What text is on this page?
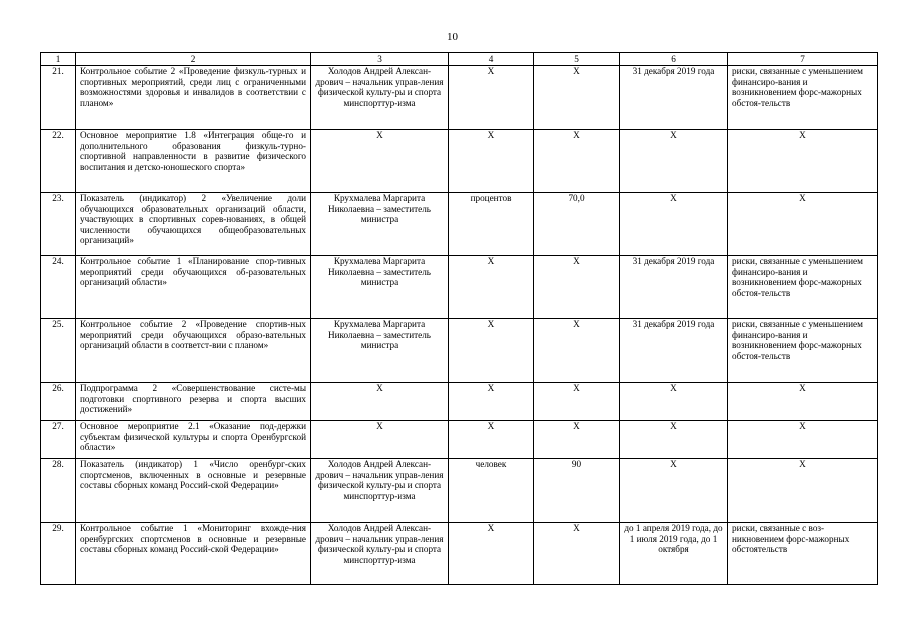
10
1	2	3	4	5	6	7
21.	Контрольное событие 2 «Проведение физкуль-турных и спортивных мероприятий, среди лиц с ограниченными возможностями здоровья и инвалидов в соответствии с планом»	Холодов Андрей Алексан-дрович – начальник управ-ления физической культу-ры и спорта минспорттур-изма	Х	Х	31 декабря 2019 года	риски, связанные с уменьшением финансиро-вания и возникновением форс-мажорных обстоя-тельств
22.	Основное мероприятие 1.8 «Интеграция обще-го и дополнительного образования физкуль-турно-спортивной направленности в развитие физического воспитания и детско-юношеского спорта»	Х	Х	Х	Х	Х
23.	Показатель (индикатор) 2 «Увеличение доли обучающихся образовательных организаций области, участвующих в спортивных сорев-нованиях, в общей численности обучающихся общеобразовательных организаций»	Крухмалева Маргарита Николаевна – заместитель министра	процентов	70,0	Х	Х
24.	Контрольное событие 1 «Планирование спор-тивных мероприятий среди обучающихся об-разовательных организаций области»	Крухмалева Маргарита Николаевна – заместитель министра	Х	Х	31 декабря 2019 года	риски, связанные с уменьшением финансиро-вания и возникновением форс-мажорных обстоя-тельств
25.	Контрольное событие 2 «Проведение спортив-ных мероприятий среди обучающихся образо-вательных организаций области в соответст-вии с планом»	Крухмалева Маргарита Николаевна – заместитель министра	Х	Х	31 декабря 2019 года	риски, связанные с уменьшением финансиро-вания и возникновением форс-мажорных обстоя-тельств
26.	Подпрограмма 2 «Совершенствование систе-мы подготовки спортивного резерва и спорта высших достижений»	Х	Х	Х	Х	Х
27.	Основное мероприятие 2.1 «Оказание под-держки субъектам физической культуры и спорта Оренбургской области»	Х	Х	Х	Х	Х
28.	Показатель (индикатор) 1 «Число оренбург-ских спортсменов, включенных в основные и резервные составы сборных команд Россий-ской Федерации»	Холодов Андрей Алексан-дрович – начальник управ-ления физической культу-ры и спорта минспорттур-изма	человек	90	Х	Х
29.	Контрольное событие 1 «Мониторинг вхожде-ния оренбургских спортсменов в основные и резервные составы сборных команд Россий-ской Федерации»	Холодов Андрей Алексан-дрович – начальник управ-ления физической культу-ры и спорта минспорттур-изма	Х	Х	до 1 апреля 2019 года, до 1 июля 2019 года, до 1 октября	риски, связанные с воз-никновением форс-мажорных обстоятельств
